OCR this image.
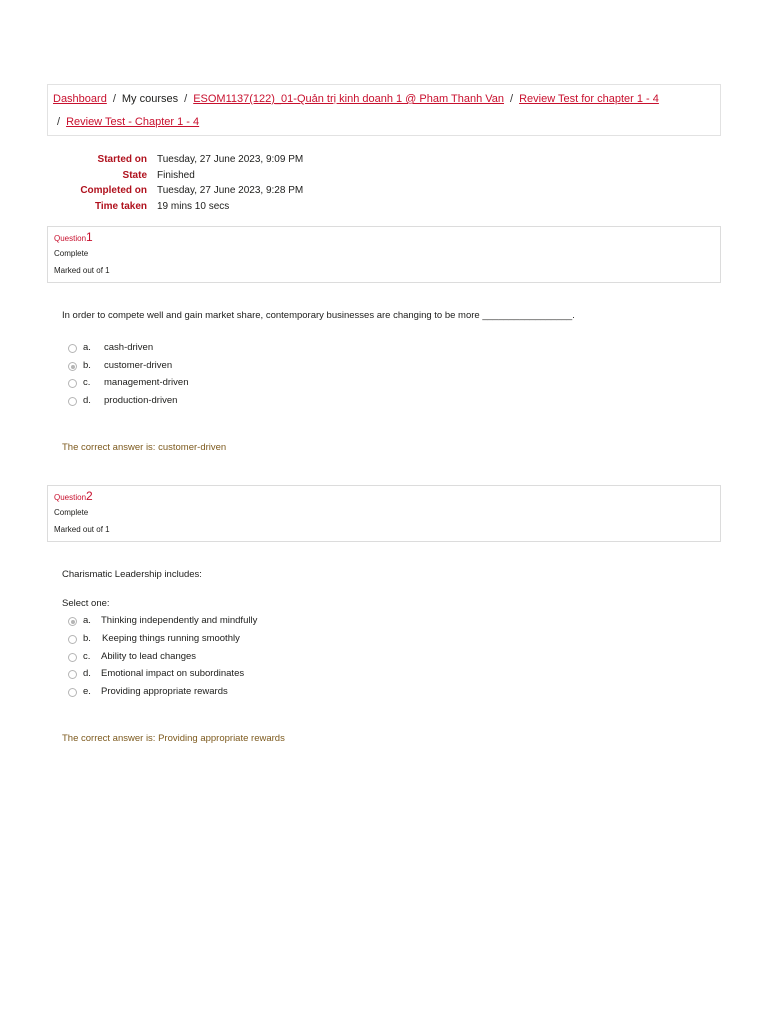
Dashboard / My courses / ESOM1137(122)_01-Quản trị kinh doanh 1 @ Pham Thanh Van / Review Test for chapter 1 - 4
/ Review Test - Chapter 1 - 4
Started on Tuesday, 27 June 2023, 9:09 PM
State Finished
Completed on Tuesday, 27 June 2023, 9:28 PM
Time taken 19 mins 10 secs
Question1
Complete
Marked out of 1
In order to compete well and gain market share, contemporary businesses are changing to be more _________________.
a. cash-driven
b. customer-driven
c. management-driven
d. production-driven
The correct answer is: customer-driven
Question2
Complete
Marked out of 1
Charismatic Leadership includes:
Select one:
a. Thinking independently and mindfully
b. Keeping things running smoothly
c. Ability to lead changes
d. Emotional impact on subordinates
e. Providing appropriate rewards
The correct answer is: Providing appropriate rewards
